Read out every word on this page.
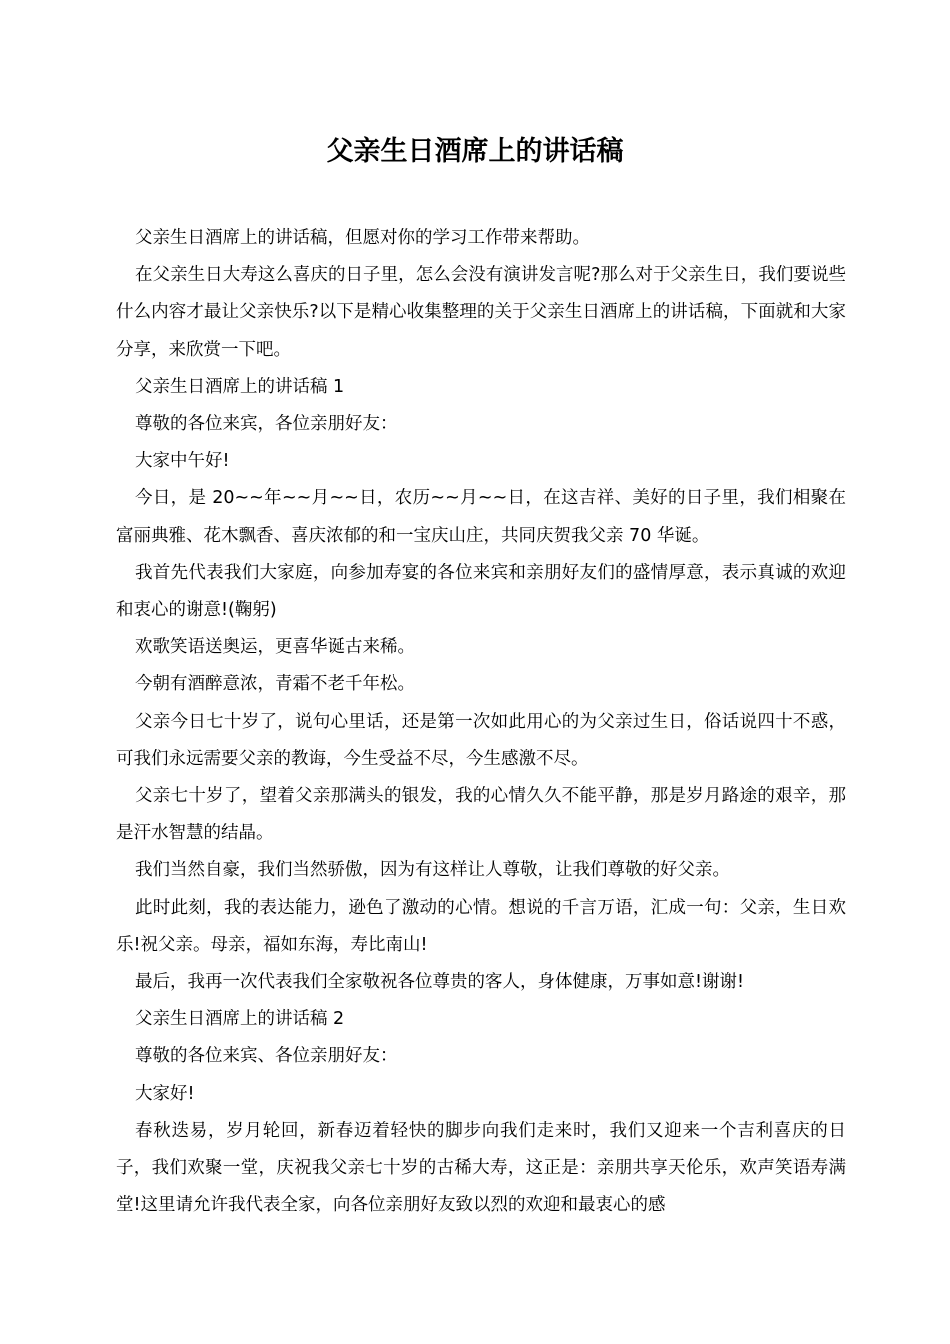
父亲生日酒席上的讲话稿

父亲生日酒席上的讲话稿，但愿对你的学习工作带来帮助。

在父亲生日大寿这么喜庆的日子里，怎么会没有演讲发言呢?那么对于父亲生日，我们要说些什么内容才最让父亲快乐?以下是精心收集整理的关于父亲生日酒席上的讲话稿，下面就和大家分享，来欣赏一下吧。

父亲生日酒席上的讲话稿 1

尊敬的各位来宾，各位亲朋好友：

大家中午好!

今日，是 20~~年~~月~~日，农历~~月~~日，在这吉祥、美好的日子里，我们相聚在富丽典雅、花木飘香、喜庆浓郁的和一宝庆山庄，共同庆贺我父亲 70 华诞。

我首先代表我们大家庭，向参加寿宴的各位来宾和亲朋好友们的盛情厚意，表示真诚的欢迎和衷心的谢意!(鞠躬)

欢歌笑语送奥运，更喜华诞古来稀。

今朝有酒醉意浓，青霜不老千年松。

父亲今日七十岁了，说句心里话，还是第一次如此用心的为父亲过生日，俗话说四十不惑，可我们永远需要父亲的教诲，今生受益不尽，今生感激不尽。

父亲七十岁了，望着父亲那满头的银发，我的心情久久不能平静，那是岁月路途的艰辛，那是汗水智慧的结晶。

我们当然自豪，我们当然骄傲，因为有这样让人尊敬，让我们尊敬的好父亲。

此时此刻，我的表达能力，逊色了激动的心情。想说的千言万语，汇成一句：父亲，生日欢乐!祝父亲。母亲，福如东海，寿比南山!

最后，我再一次代表我们全家敬祝各位尊贵的客人，身体健康，万事如意!谢谢!

父亲生日酒席上的讲话稿 2

尊敬的各位来宾、各位亲朋好友：

大家好!

春秋迭易，岁月轮回，新春迈着轻快的脚步向我们走来时，我们又迎来一个吉利喜庆的日子，我们欢聚一堂，庆祝我父亲七十岁的古稀大寿，这正是：亲朋共享天伦乐，欢声笑语寿满堂!这里请允许我代表全家，向各位亲朋好友致以烈的欢迎和最衷心的感
